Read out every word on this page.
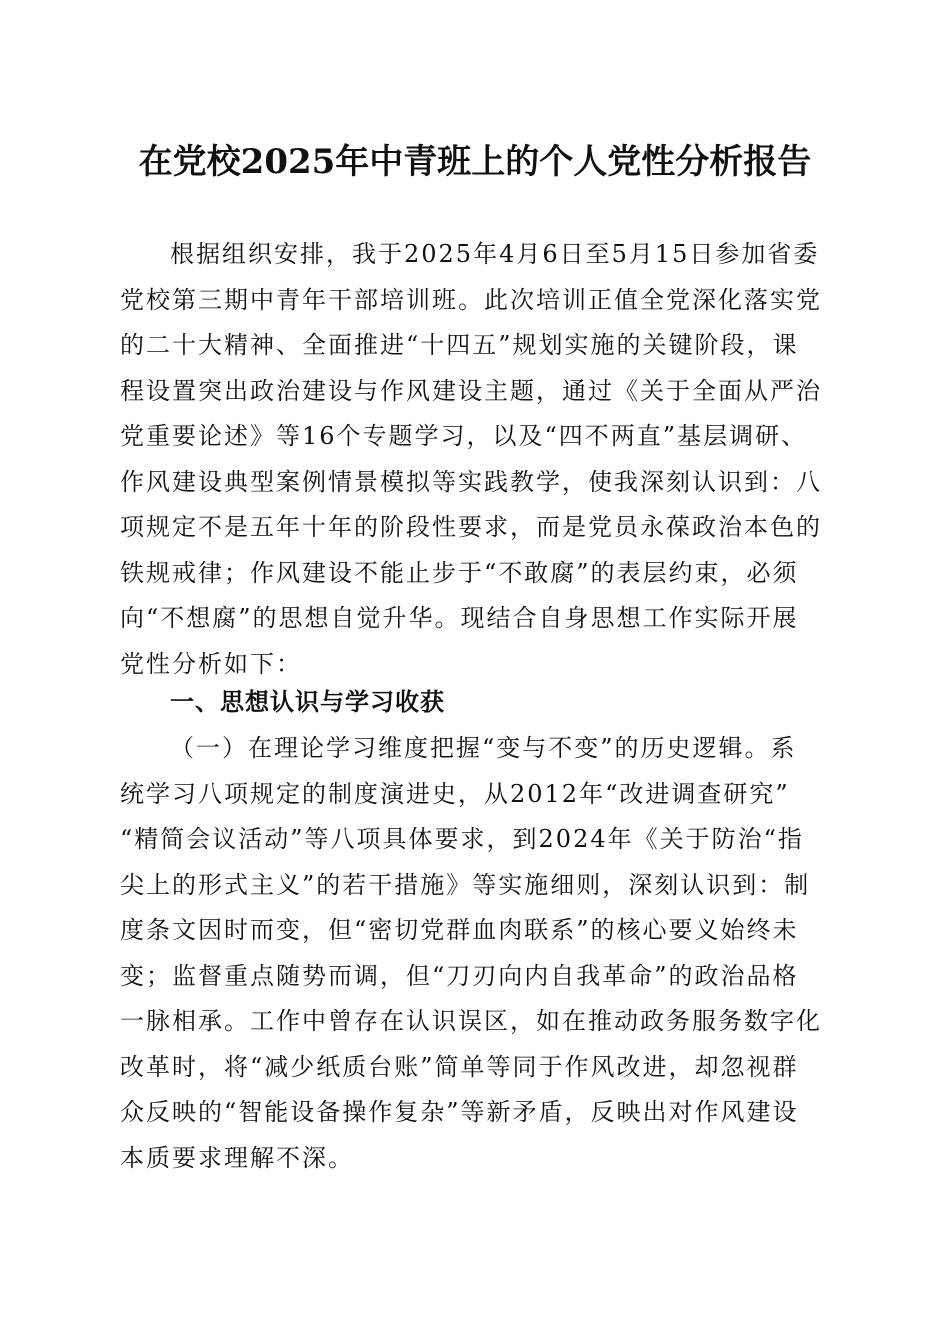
在党校2025年中青班上的个人党性分析报告
根据组织安排，我于2025年4月6日至5月15日参加省委
党校第三期中青年干部培训班。此次培训正值全党深化落实党
的二十大精神、全面推进“十四五”规划实施的关键阶段，课
程设置突出政治建设与作风建设主题，通过《关于全面从严治
党重要论述》等16个专题学习，以及“四不两直”基层调研、
作风建设典型案例情景模拟等实践教学，使我深刻认识到：八
项规定不是五年十年的阶段性要求，而是党员永葆政治本色的
铁规戒律；作风建设不能止步于“不敢腐”的表层约束，必须
向“不想腐”的思想自觉升华。现结合自身思想工作实际开展
党性分析如下：
一、思想认识与学习收获
（一）在理论学习维度把握“变与不变”的历史逻辑。系
统学习八项规定的制度演进史，从2012年“改进调查研究”
“精简会议活动”等八项具体要求，到2024年《关于防治“指
尖上的形式主义”的若干措施》等实施细则，深刻认识到：制
度条文因时而变，但“密切党群血肉联系”的核心要义始终未
变；监督重点随势而调，但“刀刃向内自我革命”的政治品格
一脉相承。工作中曾存在认识误区，如在推动政务服务数字化
改革时，将“减少纸质台账”简单等同于作风改进，却忽视群
众反映的“智能设备操作复杂”等新矛盾，反映出对作风建设
本质要求理解不深。
